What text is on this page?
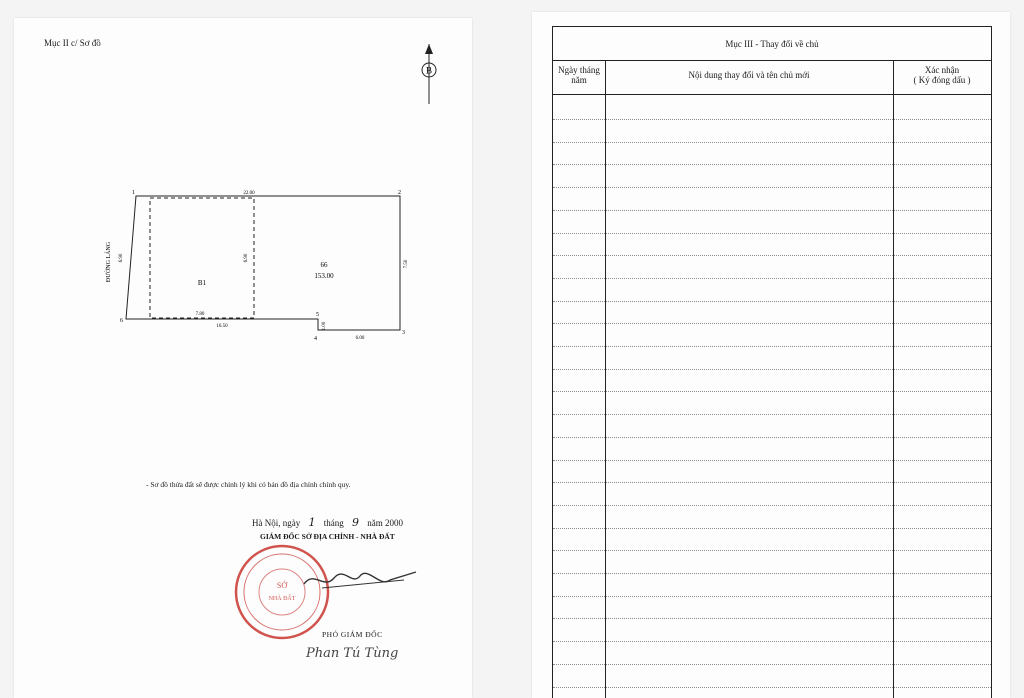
Mục II c/ Sơ đồ
B
1	2
3
4
5
6
22.00
6.90
7.50
6.90
7.80
16.50	1.00
6.00
66
153.00
B1
ĐƯỜNG LÁNG
- Sơ đồ thửa đất sẽ được chỉnh lý khi có bản đồ địa chính chính quy.
Hà Nội, ngày 1 tháng 9 năm 2000
GIÁM ĐỐC SỞ ĐỊA CHÍNH - NHÀ ĐẤT
SỞ
NHÀ ĐẤT
PHÓ GIÁM ĐỐC
Phan Tú Tùng
Mục III - Thay đổi về chủ
Ngày tháng
năm	Nội dung thay đổi và tên chủ mới	Xác nhận
( Ký đóng dấu )
